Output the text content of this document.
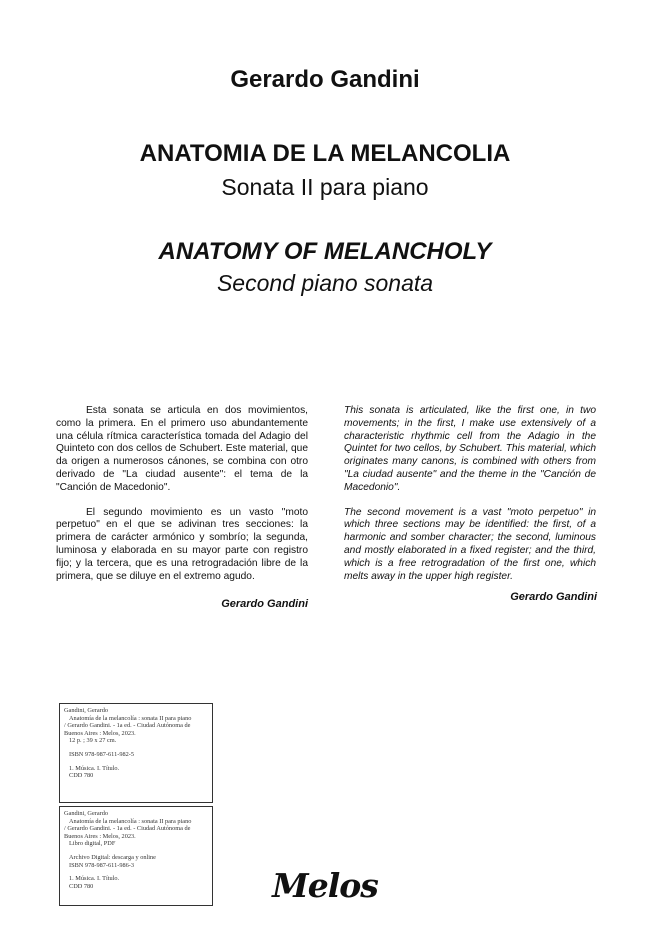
Gerardo Gandini
ANATOMIA DE LA MELANCOLIA
Sonata II para piano
ANATOMY OF MELANCHOLY
Second piano sonata

Esta sonata se articula en dos movimientos, como la primera. En el primero uso abundantemente una célula rítmica característica tomada del Adagio del Quinteto con dos cellos de Schubert. Este material, que da origen a numerosos cánones, se combina con otro derivado de "La ciudad ausente": el tema de la "Canción de Macedonio".

El segundo movimiento es un vasto "moto perpetuo" en el que se adivinan tres secciones: la primera de carácter armónico y sombrío; la segunda, luminosa y elaborada en su mayor parte con registro fijo; y la tercera, que es una retrogradación libre de la primera, que se diluye en el extremo agudo.

Gerardo Gandini

This sonata is articulated, like the first one, in two movements; in the first, I make use extensively of a characteristic rhythmic cell from the Adagio in the Quintet for two cellos, by Schubert. This material, which originates many canons, is combined with others from "La ciudad ausente" and the theme in the "Canción de Macedonio".

The second movement is a vast "moto perpetuo" in which three sections may be identified: the first, of a harmonic and somber character; the second, luminous and mostly elaborated in a fixed register; and the third, which is a free retrogradation of the first one, which melts away in the upper high register.

Gerardo Gandini
Gandini, Gerardo
Anatomía de la melancolía : sonata II para piano
/ Gerardo Gandini. - 1a ed. - Ciudad Autónoma de
Buenos Aires : Melos, 2023.
12 p. ; 39 x 27 cm.
ISBN 978-987-611-982-5
1. Música. I. Título.
CDD 780
Gandini, Gerardo
Anatomía de la melancolía : sonata II para piano
/ Gerardo Gandini. - 1a ed. - Ciudad Autónoma de
Buenos Aires : Melos, 2023.
Libro digital, PDF
Archivo Digital: descarga y online
ISBN 978-987-611-986-3
1. Música. I. Título.
CDD 780	Melos
